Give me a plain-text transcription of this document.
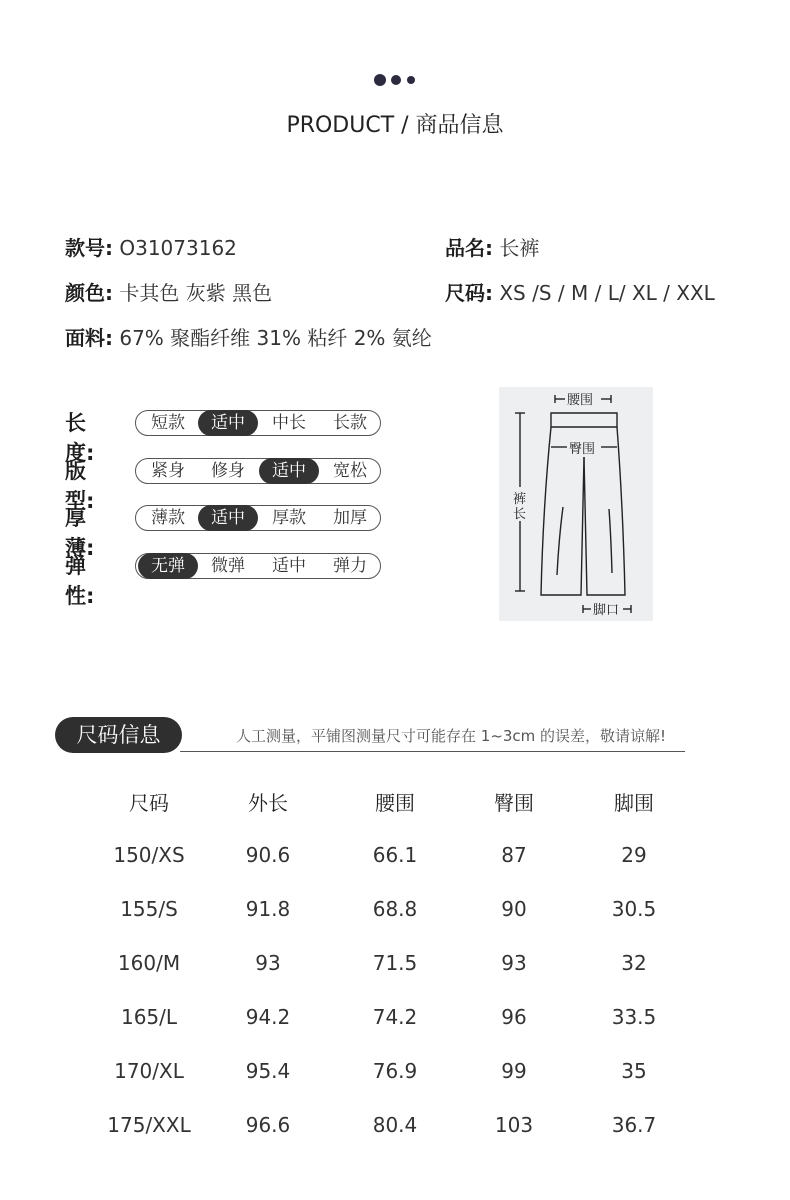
PRODUCT / 商品信息
款号: O31073162	品名: 长裤
颜色: 卡其色 灰紫 黑色	尺码: XS /S / M / L/ XL / XXL
面料: 67% 聚酯纤维 31% 粘纤 2% 氨纶
长度:
短款	适中	中长	长款
版型:
紧身	修身	适中	宽松
厚薄:
薄款	适中	厚款	加厚
弹性:
无弹	微弹	适中	弹力
腰围
臀围
裤
长
脚口
尺码信息	人工测量，平铺图测量尺寸可能存在 1~3cm 的误差，敬请谅解!
尺码	外长	腰围	臀围	脚围
150/XS	90.6	66.1	87	29
155/S	91.8	68.8	90	30.5
160/M	93	71.5	93	32
165/L	94.2	74.2	96	33.5
170/XL	95.4	76.9	99	35
175/XXL	96.6	80.4	103	36.7
